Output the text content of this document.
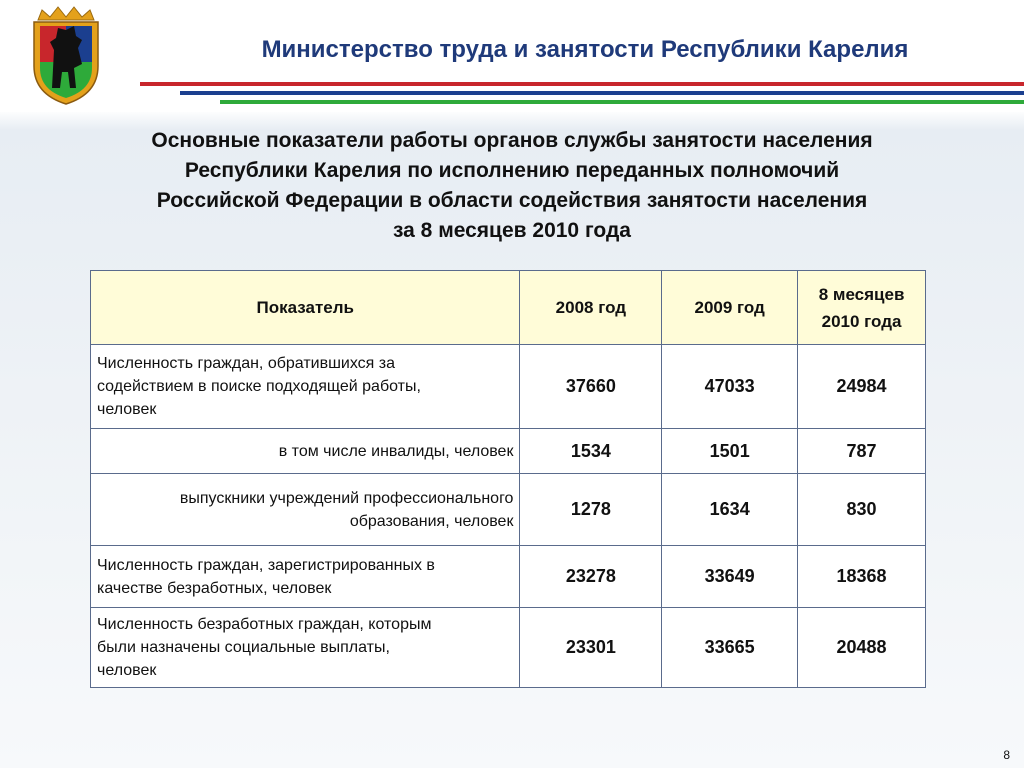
Министерство труда и занятости Республики Карелия
Основные показатели работы органов службы занятости населения
Республики Карелия по исполнению переданных полномочий
Российской Федерации в области содействия занятости населения
за 8 месяцев 2010 года
Показатель	2008 год	2009 год	8 месяцев
2010 года

Численность граждан, обратившихся за
содействием в поиске подходящей работы,
человек	37660	47033	24984

в том числе инвалиды, человек	1534	1501	787

выпускники учреждений профессионального
образования, человек	1278	1634	830

Численность граждан, зарегистрированных в
качестве безработных, человек	23278	33649	18368

Численность безработных граждан, которым
были назначены социальные выплаты,
человек	23301	33665	20488
8
